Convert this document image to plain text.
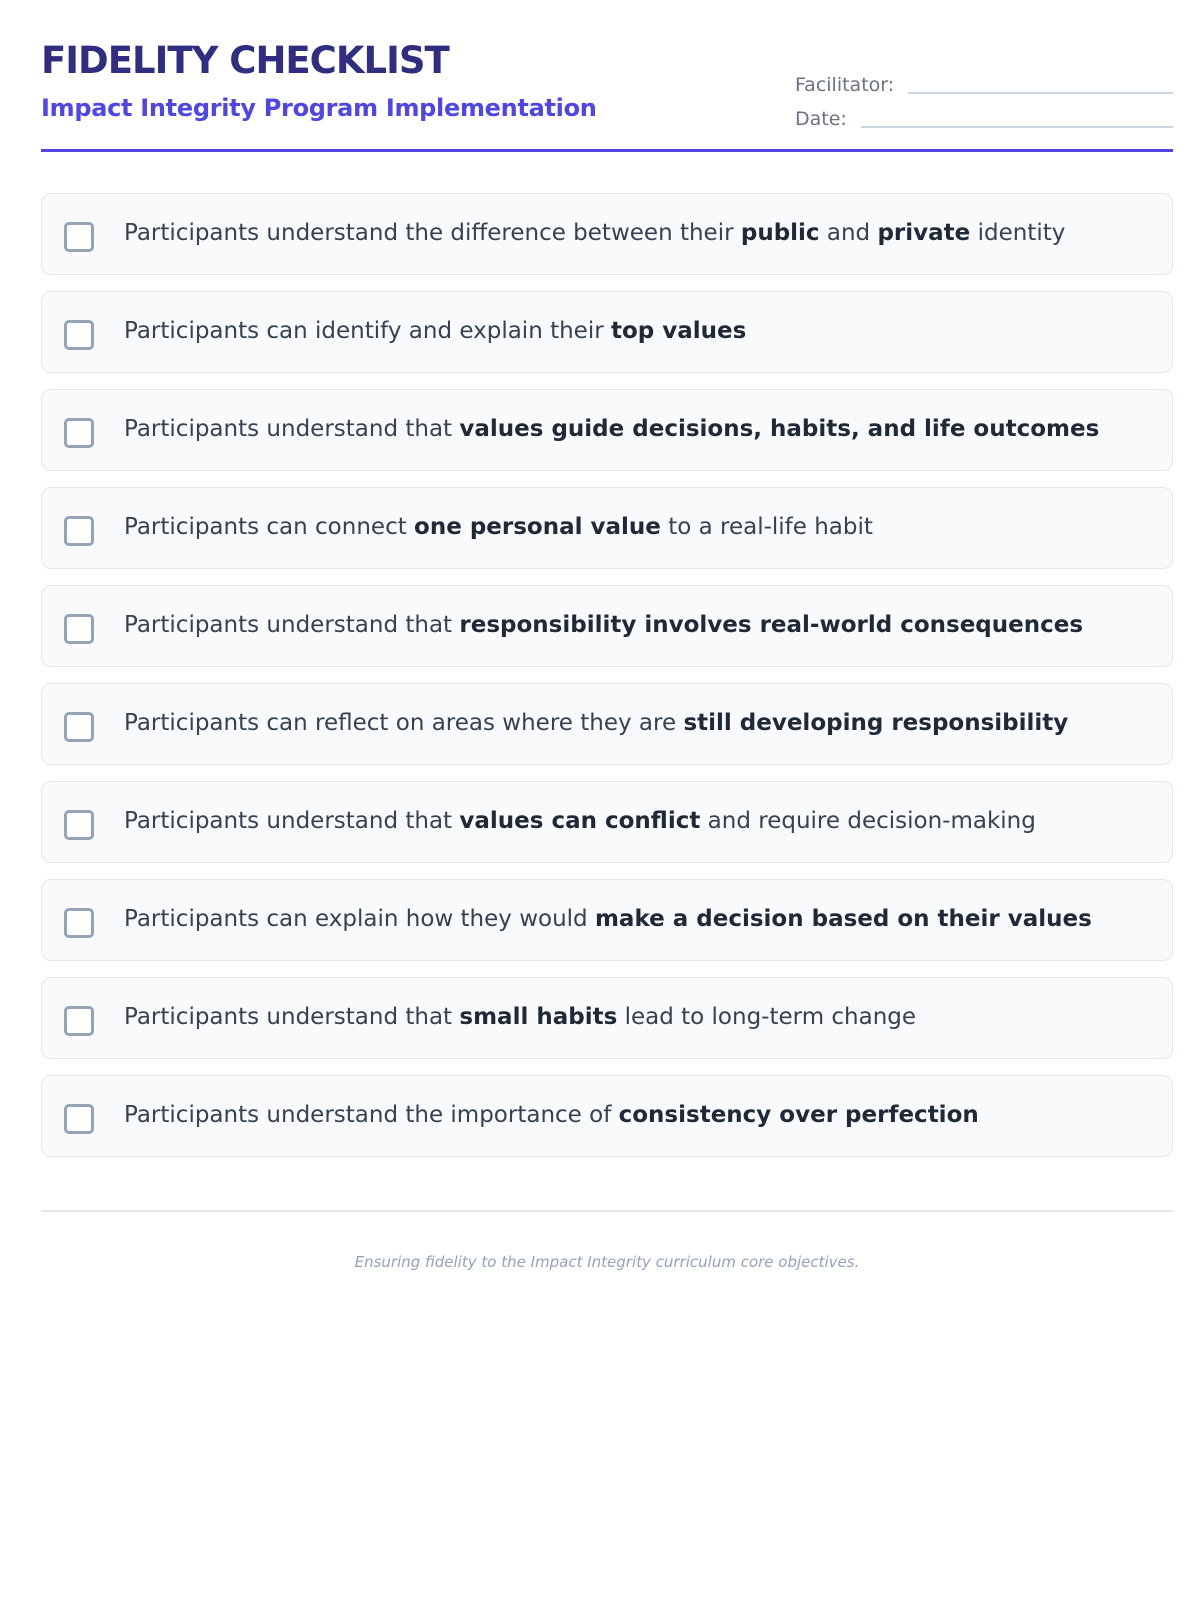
FIDELITY CHECKLIST
Impact Integrity Program Implementation
Facilitator:
Date:
Participants understand the difference between their public and private identity
Participants can identify and explain their top values
Participants understand that values guide decisions, habits, and life outcomes
Participants can connect one personal value to a real-life habit
Participants understand that responsibility involves real-world consequences
Participants can reflect on areas where they are still developing responsibility
Participants understand that values can conflict and require decision-making
Participants can explain how they would make a decision based on their values
Participants understand that small habits lead to long-term change
Participants understand the importance of consistency over perfection
Ensuring fidelity to the Impact Integrity curriculum core objectives.
